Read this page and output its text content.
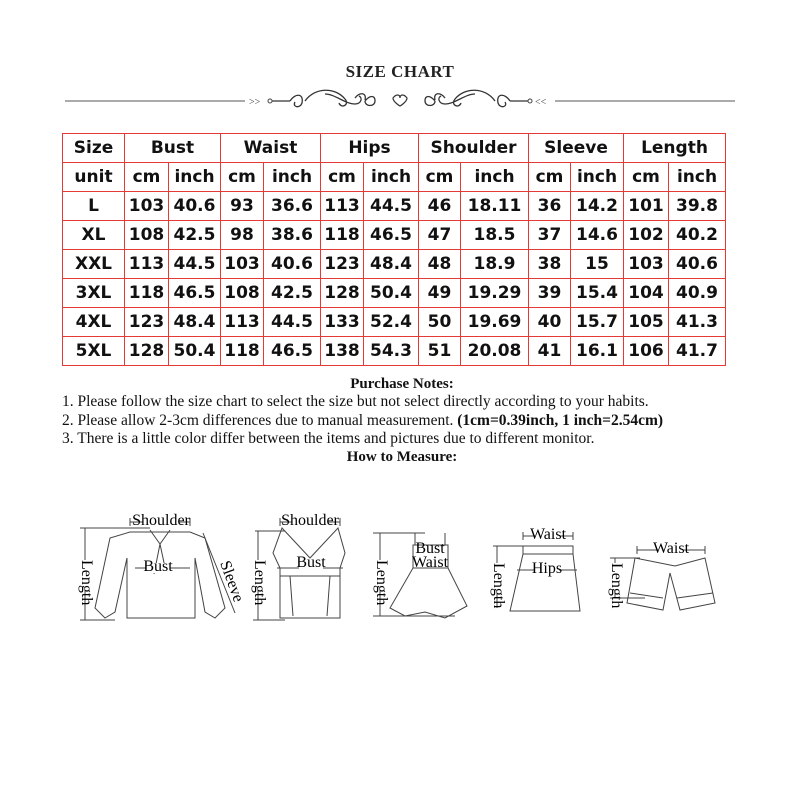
SIZE CHART
>>	<<
Size	Bust		Waist		Hips		Shoulder		Sleeve		Length	
unit	cm	inch	cm	inch	cm	inch	cm	inch	cm	inch	cm	inch
L	103	40.6	93	36.6	113	44.5	46	18.11	36	14.2	101	39.8
XL	108	42.5	98	38.6	118	46.5	47	18.5	37	14.6	102	40.2
XXL	113	44.5	103	40.6	123	48.4	48	18.9	38	15	103	40.6
3XL	118	46.5	108	42.5	128	50.4	49	19.29	39	15.4	104	40.9
4XL	123	48.4	113	44.5	133	52.4	50	19.69	40	15.7	105	41.3
5XL	128	50.4	118	46.5	138	54.3	51	20.08	41	16.1	106	41.7
Purchase Notes:
1. Please follow the size chart to select the size but not select directly according to your habits.
2. Please allow 2-3cm differences due to manual measurement. (1cm=0.39inch, 1 inch=2.54cm)
3. There is a little color differ between the items and pictures due to different monitor.
How to Measure:
Shoulder
Bust	Sleeve
Length
Shoulder
Bust
Length
Bust
Waist
Length
Waist
Hips
Length
Waist
Length
